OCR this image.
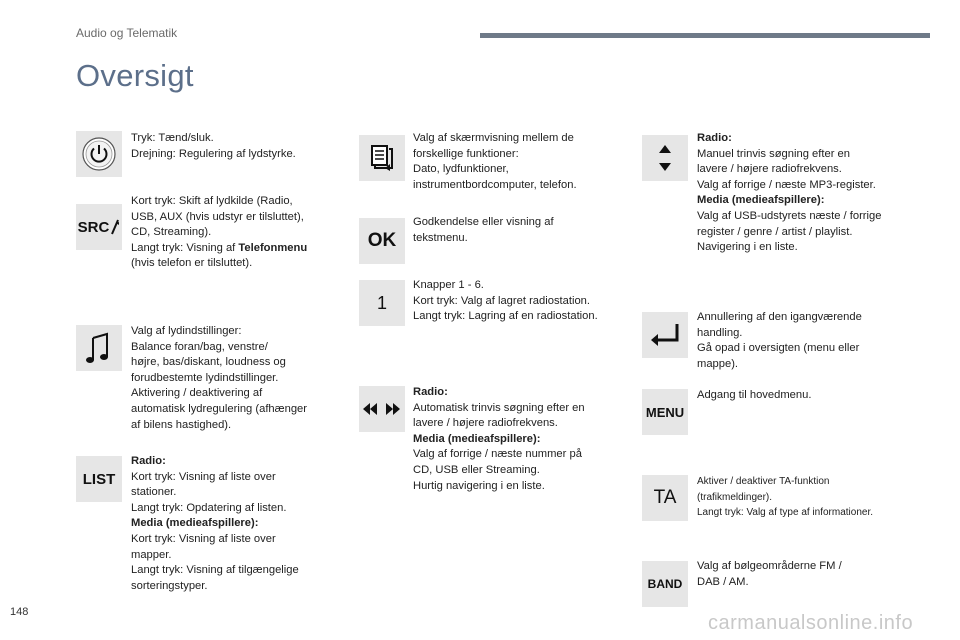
Audio og Telematik
Oversigt
Tryk: Tænd/sluk.
Drejning: Regulering af lydstyrke.
SRC
Kort tryk: Skift af lydkilde (Radio,
USB, AUX (hvis udstyr er tilsluttet),
CD, Streaming).
Langt tryk: Visning af Telefonmenu
(hvis telefon er tilsluttet).
Valg af lydindstillinger:
Balance foran/bag, venstre/
højre, bas/diskant, loudness og
forudbestemte lydindstillinger.
Aktivering / deaktivering af
automatisk lydregulering (afhænger
af bilens hastighed).
LIST
Radio:
Kort tryk: Visning af liste over
stationer.
Langt tryk: Opdatering af listen.
Media (medieafspillere):
Kort tryk: Visning af liste over
mapper.
Langt tryk: Visning af tilgængelige
sorteringstyper.
Valg af skærmvisning mellem de
forskellige funktioner:
Dato, lydfunktioner,
instrumentbordcomputer, telefon.
OK
Godkendelse eller visning af
tekstmenu.
1
Knapper 1 - 6.
Kort tryk: Valg af lagret radiostation.
Langt tryk: Lagring af en radiostation.
Radio:
Automatisk trinvis søgning efter en
lavere / højere radiofrekvens.
Media (medieafspillere):
Valg af forrige / næste nummer på
CD, USB eller Streaming.
Hurtig navigering i en liste.
Radio:
Manuel trinvis søgning efter en
lavere / højere radiofrekvens.
Valg af forrige / næste MP3-register.
Media (medieafspillere):
Valg af USB-udstyrets næste / forrige
register / genre / artist / playlist.
Navigering i en liste.
Annullering af den igangværende
handling.
Gå opad i oversigten (menu eller
mappe).
MENU
Adgang til hovedmenu.
TA
Aktiver / deaktiver TA-funktion
(trafikmeldinger).
Langt tryk: Valg af type af informationer.
BAND
Valg af bølgeområderne FM /
DAB / AM.
148	carmanualsonline.info
